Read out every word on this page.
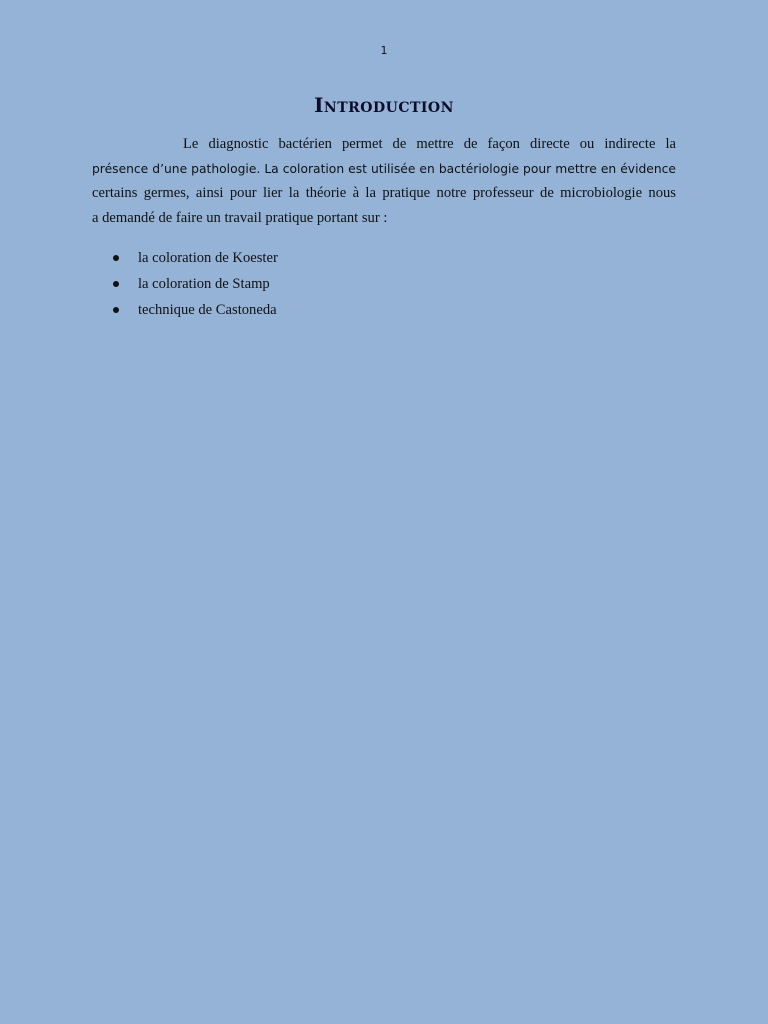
1
Introduction
Le diagnostic bactérien permet de mettre de façon directe ou indirecte la
présence d’une pathologie. La coloration est utilisée en bactériologie pour mettre en évidence
certains germes, ainsi pour lier la théorie à la pratique notre professeur de microbiologie nous
a demandé de faire un travail pratique portant sur :
la coloration de Koester
la coloration de Stamp
technique de Castoneda
